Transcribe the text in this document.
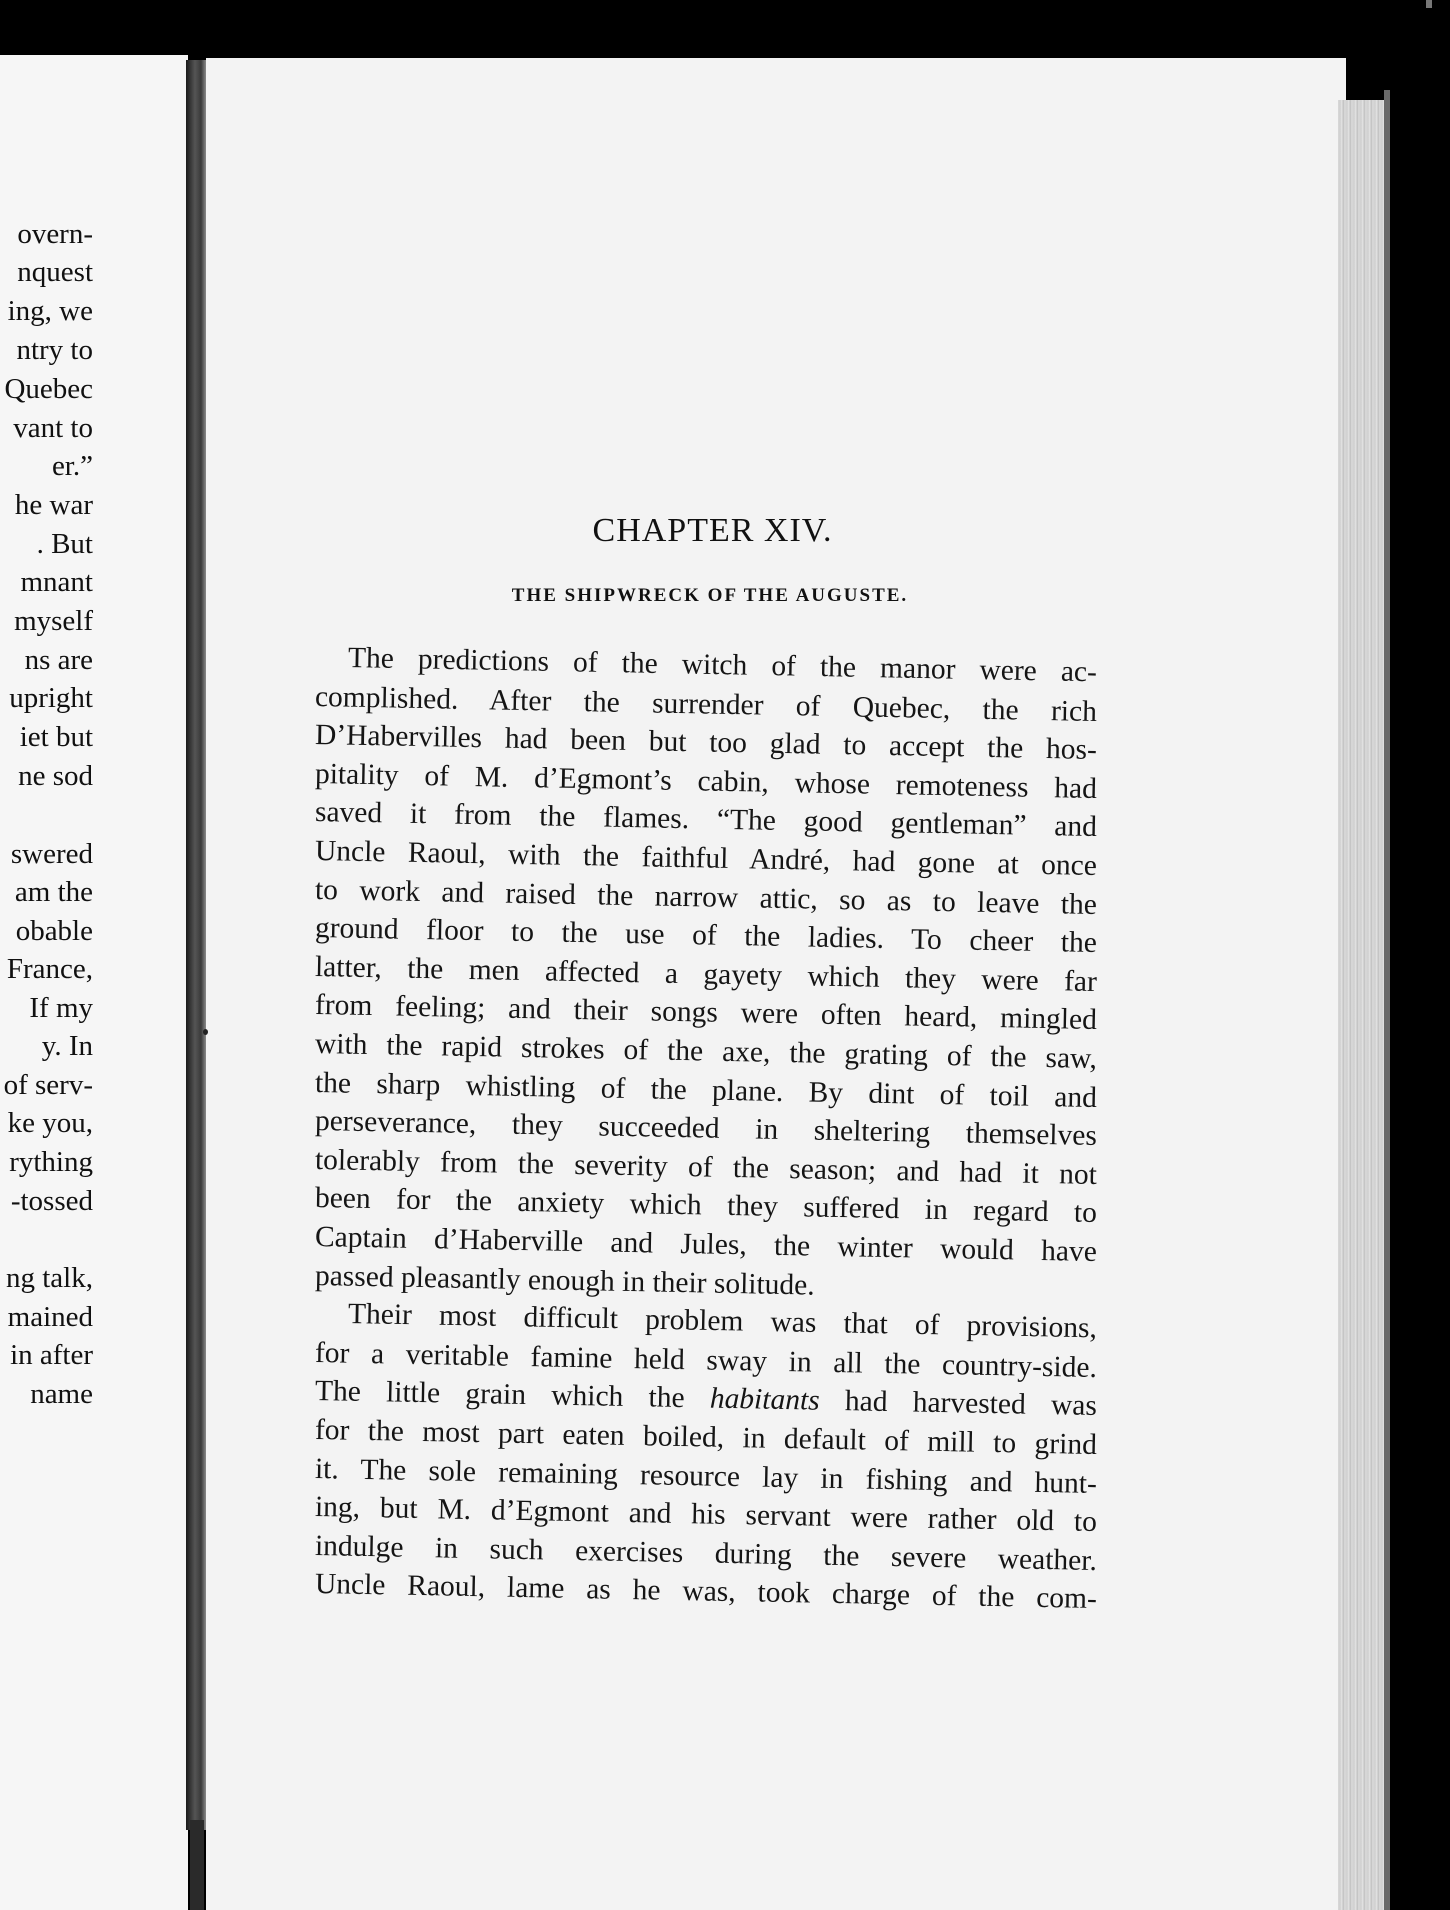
overn-
nquest
ing, we
ntry to
Quebec
vant to
er.”
he war
. But
mnant
myself
ns are
upright
iet but
ne sod
swered
am the
obable
France,
If my
y. In
of serv-
ke you,
rything
-tossed
ng talk,
mained
in after
name
CHAPTER XIV.
THE SHIPWRECK OF THE AUGUSTE.
The predictions of the witch of the manor were ac-
complished. After the surrender of Quebec, the rich
D’Habervilles had been but too glad to accept the hos-
pitality of M. d’Egmont’s cabin, whose remoteness had
saved it from the flames. “The good gentleman” and
Uncle Raoul, with the faithful André, had gone at once
to work and raised the narrow attic, so as to leave the
ground floor to the use of the ladies. To cheer the
latter, the men affected a gayety which they were far
from feeling; and their songs were often heard, mingled
with the rapid strokes of the axe, the grating of the saw,
the sharp whistling of the plane. By dint of toil and
perseverance, they succeeded in sheltering themselves
tolerably from the severity of the season; and had it not
been for the anxiety which they suffered in regard to
Captain d’Haberville and Jules, the winter would have
passed pleasantly enough in their solitude.
Their most difficult problem was that of provisions,
for a veritable famine held sway in all the country-side.
The little grain which the habitants had harvested was
for the most part eaten boiled, in default of mill to grind
it. The sole remaining resource lay in fishing and hunt-
ing, but M. d’Egmont and his servant were rather old to
indulge in such exercises during the severe weather.
Uncle Raoul, lame as he was, took charge of the com-
